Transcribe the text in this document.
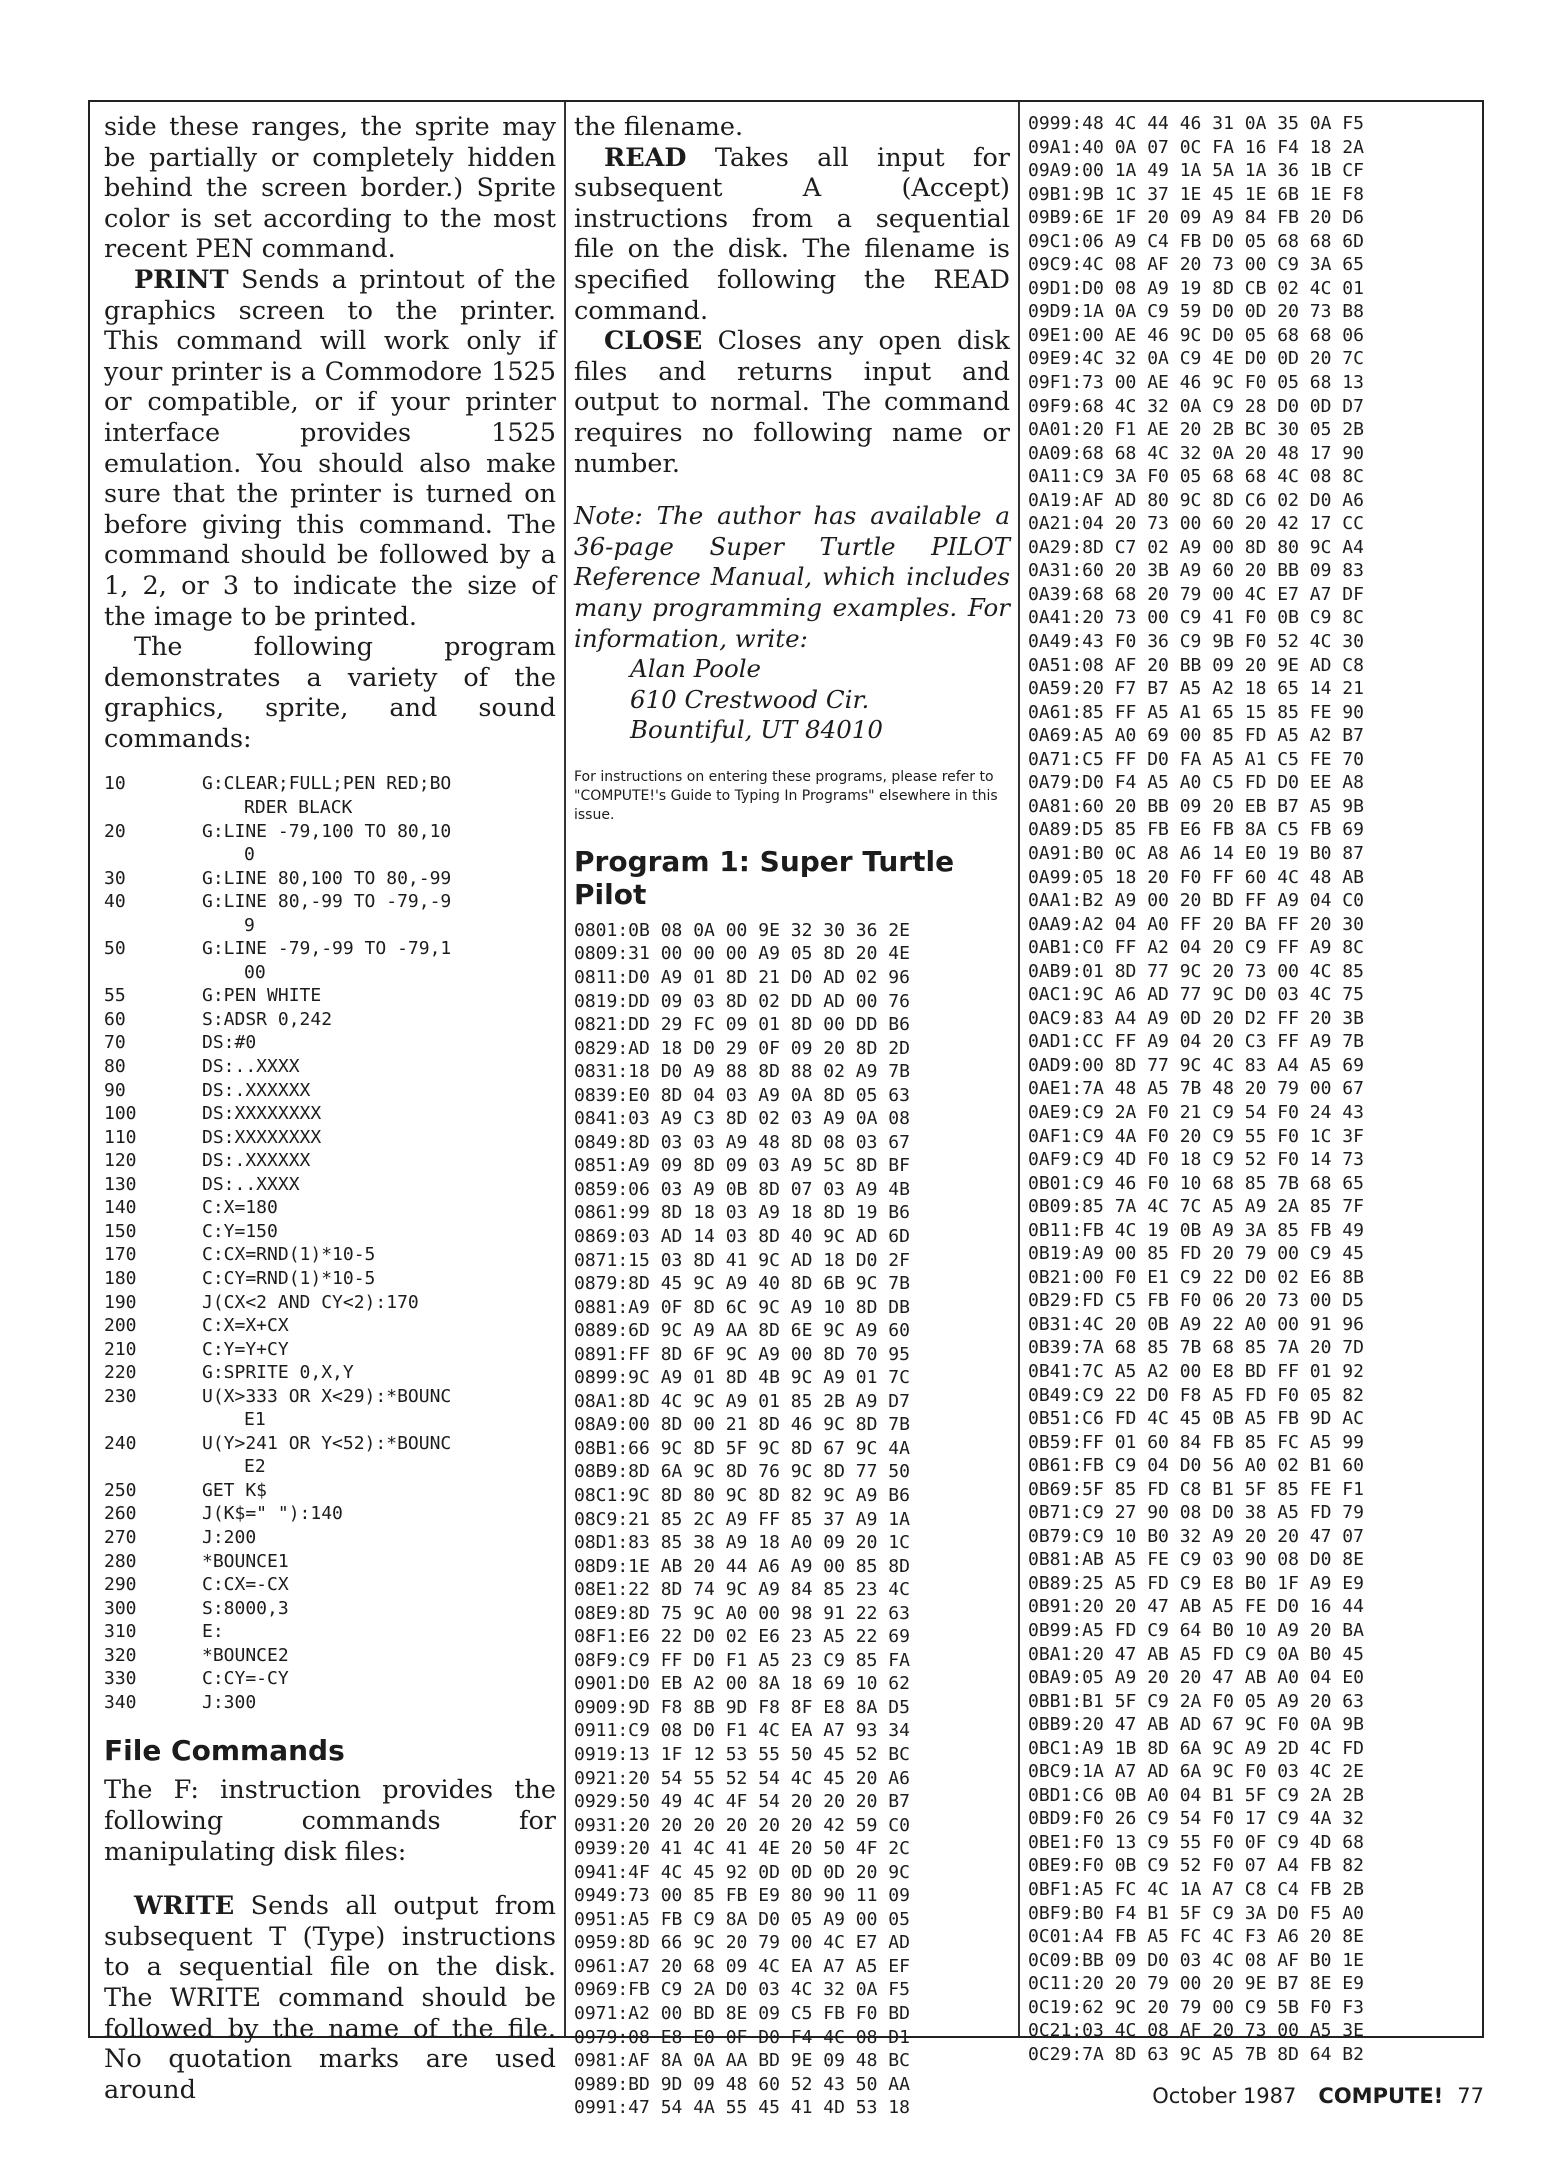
side these ranges, the sprite may be partially or completely hidden behind the screen border.) Sprite color is set according to the most recent PEN command.

PRINT Sends a printout of the graphics screen to the printer. This command will work only if your printer is a Commodore 1525 or compatible, or if your printer interface provides 1525 emulation. You should also make sure that the printer is turned on before giving this command. The command should be followed by a 1, 2, or 3 to indicate the size of the image to be printed.

The following program demonstrates a variety of the graphics, sprite, and sound commands:

10	G:CLEAR;FULL;PEN RED;BO
RDER BLACK
20	G:LINE -79,100 TO 80,10
0
30	G:LINE 80,100 TO 80,-99
40	G:LINE 80,-99 TO -79,-9
9
50	G:LINE -79,-99 TO -79,1
00
55	G:PEN WHITE
60	S:ADSR 0,242
70	DS:#0
80	DS:..XXXX
90	DS:.XXXXXX
100	DS:XXXXXXXX
110	DS:XXXXXXXX
120	DS:.XXXXXX
130	DS:..XXXX
140	C:X=180
150	C:Y=150
170	C:CX=RND(1)*10-5
180	C:CY=RND(1)*10-5
190	J(CX<2 AND CY<2):170
200	C:X=X+CX
210	C:Y=Y+CY
220	G:SPRITE 0,X,Y
230	U(X>333 OR X<29):*BOUNC
E1
240	U(Y>241 OR Y<52):*BOUNC
E2
250	GET K$
260	J(K$=" "):140
270	J:200
280	*BOUNCE1
290	C:CX=-CX
300	S:8000,3
310	E:
320	*BOUNCE2
330	C:CY=-CY
340	J:300
File Commands

The F: instruction provides the following commands for manipulating disk files:

WRITE Sends all output from subsequent T (Type) instructions to a sequential file on the disk. The WRITE command should be followed by the name of the file. No quotation marks are used around

the filename.

READ Takes all input for subsequent A (Accept) instructions from a sequential file on the disk. The filename is specified following the READ command.

CLOSE Closes any open disk files and returns input and output to normal. The command requires no following name or number.

Note: The author has available a 36-page Super Turtle PILOT Reference Manual, which includes many programming examples. For information, write:

Alan Poole
610 Crestwood Cir.
Bountiful, UT 84010

For instructions on entering these programs, please refer to "COMPUTE!'s Guide to Typing In Programs" elsewhere in this issue.

Program 1: Super Turtle Pilot
0801:0B 08 0A 00 9E 32 30 36 2E
0809:31 00 00 00 A9 05 8D 20 4E
0811:D0 A9 01 8D 21 D0 AD 02 96
0819:DD 09 03 8D 02 DD AD 00 76
0821:DD 29 FC 09 01 8D 00 DD B6
0829:AD 18 D0 29 0F 09 20 8D 2D
0831:18 D0 A9 88 8D 88 02 A9 7B
0839:E0 8D 04 03 A9 0A 8D 05 63
0841:03 A9 C3 8D 02 03 A9 0A 08
0849:8D 03 03 A9 48 8D 08 03 67
0851:A9 09 8D 09 03 A9 5C 8D BF
0859:06 03 A9 0B 8D 07 03 A9 4B
0861:99 8D 18 03 A9 18 8D 19 B6
0869:03 AD 14 03 8D 40 9C AD 6D
0871:15 03 8D 41 9C AD 18 D0 2F
0879:8D 45 9C A9 40 8D 6B 9C 7B
0881:A9 0F 8D 6C 9C A9 10 8D DB
0889:6D 9C A9 AA 8D 6E 9C A9 60
0891:FF 8D 6F 9C A9 00 8D 70 95
0899:9C A9 01 8D 4B 9C A9 01 7C
08A1:8D 4C 9C A9 01 85 2B A9 D7
08A9:00 8D 00 21 8D 46 9C 8D 7B
08B1:66 9C 8D 5F 9C 8D 67 9C 4A
08B9:8D 6A 9C 8D 76 9C 8D 77 50
08C1:9C 8D 80 9C 8D 82 9C A9 B6
08C9:21 85 2C A9 FF 85 37 A9 1A
08D1:83 85 38 A9 18 A0 09 20 1C
08D9:1E AB 20 44 A6 A9 00 85 8D
08E1:22 8D 74 9C A9 84 85 23 4C
08E9:8D 75 9C A0 00 98 91 22 63
08F1:E6 22 D0 02 E6 23 A5 22 69
08F9:C9 FF D0 F1 A5 23 C9 85 FA
0901:D0 EB A2 00 8A 18 69 10 62
0909:9D F8 8B 9D F8 8F E8 8A D5
0911:C9 08 D0 F1 4C EA A7 93 34
0919:13 1F 12 53 55 50 45 52 BC
0921:20 54 55 52 54 4C 45 20 A6
0929:50 49 4C 4F 54 20 20 20 B7
0931:20 20 20 20 20 20 42 59 C0
0939:20 41 4C 41 4E 20 50 4F 2C
0941:4F 4C 45 92 0D 0D 0D 20 9C
0949:73 00 85 FB E9 80 90 11 09
0951:A5 FB C9 8A D0 05 A9 00 05
0959:8D 66 9C 20 79 00 4C E7 AD
0961:A7 20 68 09 4C EA A7 A5 EF
0969:FB C9 2A D0 03 4C 32 0A F5
0971:A2 00 BD 8E 09 C5 FB F0 BD
0979:08 E8 E0 0F D0 F4 4C 08 D1
0981:AF 8A 0A AA BD 9E 09 48 BC
0989:BD 9D 09 48 60 52 43 50 AA
0991:47 54 4A 55 45 41 4D 53 18
0999:48 4C 44 46 31 0A 35 0A F5
09A1:40 0A 07 0C FA 16 F4 18 2A
09A9:00 1A 49 1A 5A 1A 36 1B CF
09B1:9B 1C 37 1E 45 1E 6B 1E F8
09B9:6E 1F 20 09 A9 84 FB 20 D6
09C1:06 A9 C4 FB D0 05 68 68 6D
09C9:4C 08 AF 20 73 00 C9 3A 65
09D1:D0 08 A9 19 8D CB 02 4C 01
09D9:1A 0A C9 59 D0 0D 20 73 B8
09E1:00 AE 46 9C D0 05 68 68 06
09E9:4C 32 0A C9 4E D0 0D 20 7C
09F1:73 00 AE 46 9C F0 05 68 13
09F9:68 4C 32 0A C9 28 D0 0D D7
0A01:20 F1 AE 20 2B BC 30 05 2B
0A09:68 68 4C 32 0A 20 48 17 90
0A11:C9 3A F0 05 68 68 4C 08 8C
0A19:AF AD 80 9C 8D C6 02 D0 A6
0A21:04 20 73 00 60 20 42 17 CC
0A29:8D C7 02 A9 00 8D 80 9C A4
0A31:60 20 3B A9 60 20 BB 09 83
0A39:68 68 20 79 00 4C E7 A7 DF
0A41:20 73 00 C9 41 F0 0B C9 8C
0A49:43 F0 36 C9 9B F0 52 4C 30
0A51:08 AF 20 BB 09 20 9E AD C8
0A59:20 F7 B7 A5 A2 18 65 14 21
0A61:85 FF A5 A1 65 15 85 FE 90
0A69:A5 A0 69 00 85 FD A5 A2 B7
0A71:C5 FF D0 FA A5 A1 C5 FE 70
0A79:D0 F4 A5 A0 C5 FD D0 EE A8
0A81:60 20 BB 09 20 EB B7 A5 9B
0A89:D5 85 FB E6 FB 8A C5 FB 69
0A91:B0 0C A8 A6 14 E0 19 B0 87
0A99:05 18 20 F0 FF 60 4C 48 AB
0AA1:B2 A9 00 20 BD FF A9 04 C0
0AA9:A2 04 A0 FF 20 BA FF 20 30
0AB1:C0 FF A2 04 20 C9 FF A9 8C
0AB9:01 8D 77 9C 20 73 00 4C 85
0AC1:9C A6 AD 77 9C D0 03 4C 75
0AC9:83 A4 A9 0D 20 D2 FF 20 3B
0AD1:CC FF A9 04 20 C3 FF A9 7B
0AD9:00 8D 77 9C 4C 83 A4 A5 69
0AE1:7A 48 A5 7B 48 20 79 00 67
0AE9:C9 2A F0 21 C9 54 F0 24 43
0AF1:C9 4A F0 20 C9 55 F0 1C 3F
0AF9:C9 4D F0 18 C9 52 F0 14 73
0B01:C9 46 F0 10 68 85 7B 68 65
0B09:85 7A 4C 7C A5 A9 2A 85 7F
0B11:FB 4C 19 0B A9 3A 85 FB 49
0B19:A9 00 85 FD 20 79 00 C9 45
0B21:00 F0 E1 C9 22 D0 02 E6 8B
0B29:FD C5 FB F0 06 20 73 00 D5
0B31:4C 20 0B A9 22 A0 00 91 96
0B39:7A 68 85 7B 68 85 7A 20 7D
0B41:7C A5 A2 00 E8 BD FF 01 92
0B49:C9 22 D0 F8 A5 FD F0 05 82
0B51:C6 FD 4C 45 0B A5 FB 9D AC
0B59:FF 01 60 84 FB 85 FC A5 99
0B61:FB C9 04 D0 56 A0 02 B1 60
0B69:5F 85 FD C8 B1 5F 85 FE F1
0B71:C9 27 90 08 D0 38 A5 FD 79
0B79:C9 10 B0 32 A9 20 20 47 07
0B81:AB A5 FE C9 03 90 08 D0 8E
0B89:25 A5 FD C9 E8 B0 1F A9 E9
0B91:20 20 47 AB A5 FE D0 16 44
0B99:A5 FD C9 64 B0 10 A9 20 BA
0BA1:20 47 AB A5 FD C9 0A B0 45
0BA9:05 A9 20 20 47 AB A0 04 E0
0BB1:B1 5F C9 2A F0 05 A9 20 63
0BB9:20 47 AB AD 67 9C F0 0A 9B
0BC1:A9 1B 8D 6A 9C A9 2D 4C FD
0BC9:1A A7 AD 6A 9C F0 03 4C 2E
0BD1:C6 0B A0 04 B1 5F C9 2A 2B
0BD9:F0 26 C9 54 F0 17 C9 4A 32
0BE1:F0 13 C9 55 F0 0F C9 4D 68
0BE9:F0 0B C9 52 F0 07 A4 FB 82
0BF1:A5 FC 4C 1A A7 C8 C4 FB 2B
0BF9:B0 F4 B1 5F C9 3A D0 F5 A0
0C01:A4 FB A5 FC 4C F3 A6 20 8E
0C09:BB 09 D0 03 4C 08 AF B0 1E
0C11:20 20 79 00 20 9E B7 8E E9
0C19:62 9C 20 79 00 C9 5B F0 F3
0C21:03 4C 08 AF 20 73 00 A5 3E
0C29:7A 8D 63 9C A5 7B 8D 64 B2
October 1987 COMPUTE! 77
